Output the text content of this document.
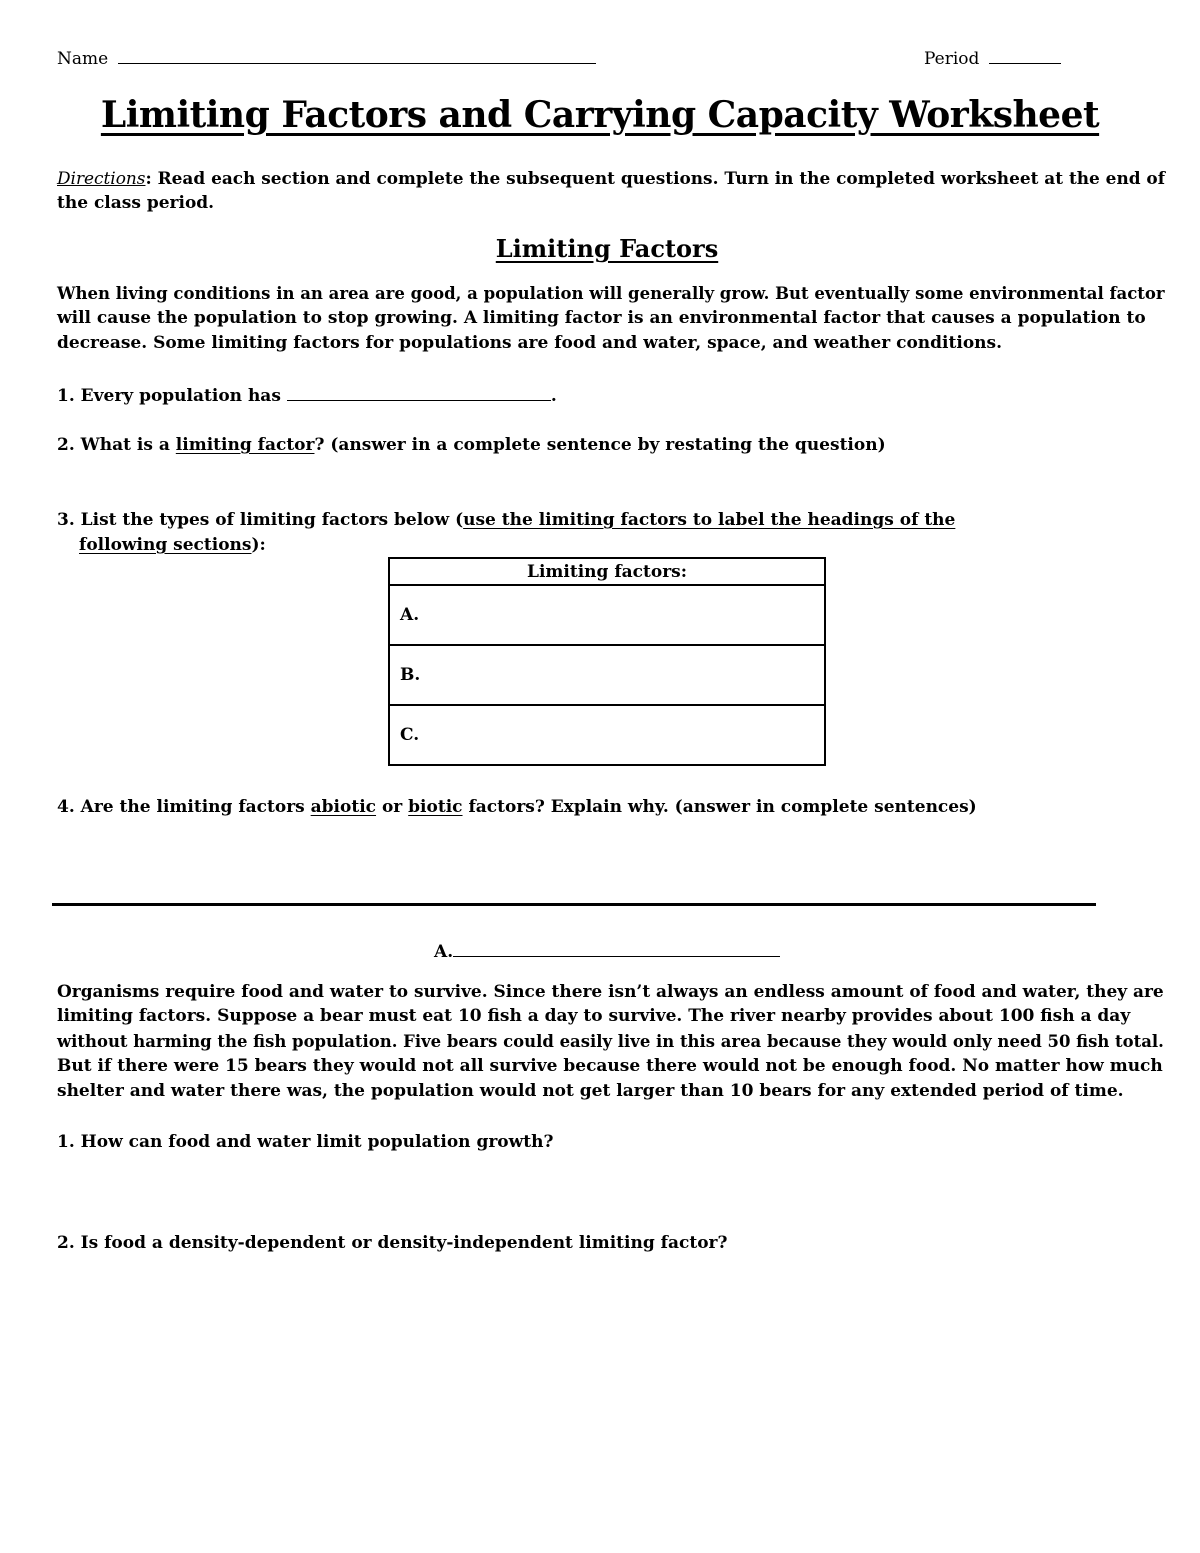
Name	Period
Limiting Factors and Carrying Capacity Worksheet
Directions: Read each section and complete the subsequent questions. Turn in the completed worksheet at the end of
the class period.
Limiting Factors
When living conditions in an area are good, a population will generally grow. But eventually some environmental factor
will cause the population to stop growing. A limiting factor is an environmental factor that causes a population to
decrease. Some limiting factors for populations are food and water, space, and weather conditions.
1. Every population has	.
2. What is a limiting factor? (answer in a complete sentence by restating the question)
3. List the types of limiting factors below (use the limiting factors to label the headings of the
following sections):
Limiting factors:
A.
B.
C.
4. Are the limiting factors abiotic or biotic factors? Explain why. (answer in complete sentences)
A.
Organisms require food and water to survive. Since there isn’t always an endless amount of food and water, they are
limiting factors. Suppose a bear must eat 10 fish a day to survive. The river nearby provides about 100 fish a day
without harming the fish population. Five bears could easily live in this area because they would only need 50 fish total.
But if there were 15 bears they would not all survive because there would not be enough food. No matter how much
shelter and water there was, the population would not get larger than 10 bears for any extended period of time.
1. How can food and water limit population growth?
2. Is food a density-dependent or density-independent limiting factor?
